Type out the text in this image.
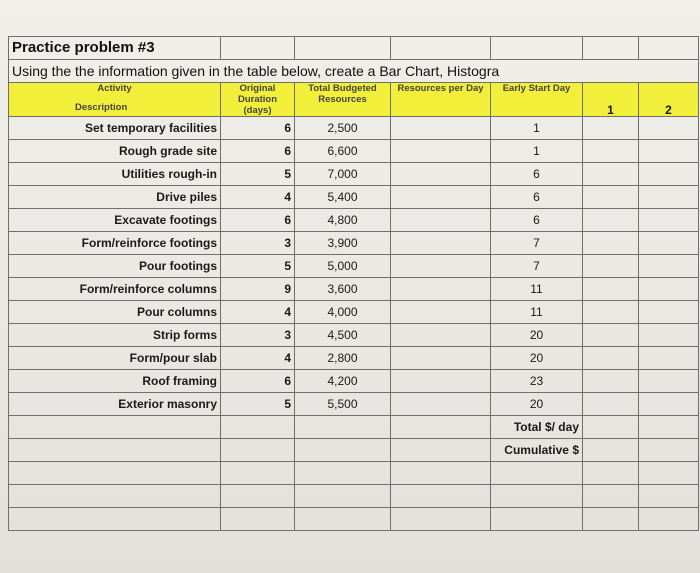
Practice problem #3						
Using the the information given in the table below, create a Bar Chart, Histogra						

Activity
Description	Original Duration (days)	Total Budgeted Resources	Resources per Day	Early Start Day	1	2
Set temporary facilities	6	2,500		1		
Rough grade site	6	6,600		1		
Utilities rough-in	5	7,000		6		
Drive piles	4	5,400		6		
Excavate footings	6	4,800		6		
Form/reinforce footings	3	3,900		7		
Pour footings	5	5,000		7		
Form/reinforce columns	9	3,600		11		
Pour columns	4	4,000		11		
Strip forms	3	4,500		20		
Form/pour slab	4	2,800		20		
Roof framing	6	4,200		23		
Exterior masonry	5	5,500		20		
				Total $/ day		
				Cumulative $		
